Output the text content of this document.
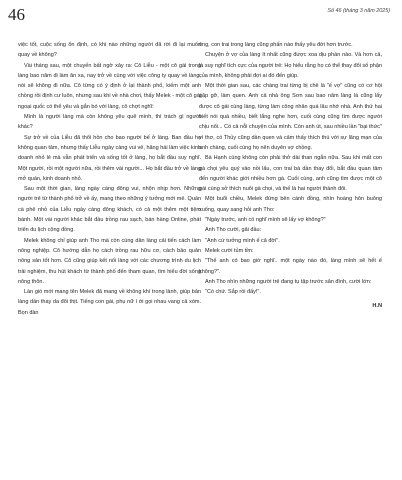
46	Số 46 (tháng 3 năm 2025)

việc tốt, cuộc sống ổn định, có khi nào những người đã rời đi lại muốn quay về không?

Vài tháng sau, một chuyến bất ngờ xảy ra: Cô Liễu - một cô gái trong làng bao năm đi làm ăn xa, nay trở về cùng với việc công ty quay về làng, nói sẽ không đi nữa. Cô từng có ý định ở lại thành phố, kiếm một anh chồng rồi định cư luôn, nhưng sau khi về nhà chơi, thấy Melek - một cô gái ngoại quốc có thể yêu và gắn bó với làng, cô chợt nghĩ:

Mình là người làng mà còn không yêu quê mình, thì trách gì người khác?

Sự trở về của Liễu đã thổi hồn cho bao người bế ở làng. Ban đầu họ không quan tâm, nhưng thấy Liễu ngày càng vui vẻ, hăng hái làm việc kinh doanh nhỏ lẻ mà vẫn phát triển và sống tốt ở làng, họ bắt đầu suy nghĩ. Một người, rồi một người nữa, rồi thêm vài người... Họ bắt đầu trở về làng mở quán, kinh doanh nhỏ.

Sau một thời gian, làng ngày càng đông vui, nhộn nhịp hơn. Những người trẻ từ thành phố trở về ấy, mang theo những ý tưởng mới mẻ. Quán cà phê nhỏ của Liễu ngày càng đông khách, có cả một thêm một tiệm bánh. Một vài người khác bắt đầu trồng rau sạch, bán hàng Online, phát triển du lịch cộng đồng.

Melek không chỉ giúp anh Tho mà còn cùng dân làng cải tiến cách làm nông nghiệp. Cô hướng dẫn họ cách trồng rau hữu cơ, cách bảo quản nông sản tốt hơn. Cô cũng giúp kết nối làng với các chương trình du lịch trải nghiệm, thu hút khách từ thành phố đến tham quan, tìm hiểu đời sống nông thôn.

Làn gió mới mang tên Melek đã mang về không khí trong lành, giúp bản làng dần thay da đổi thịt. Tiếng con gái, phụ nữ í ới gọi nhau vang cả xóm. Bọn đàn

ông, con trai trong làng cũng phấn nào thấy yêu đời hơn trước.

Chuyện ở vợ của làng ít nhất cũng được xoa dịu phần nào. Và hơn cả, là suy nghĩ tích cực của người trẻ: Họ hiểu rằng họ có thể thay đổi số phận của mình, không phải đợi ai đó đến giúp.

Một thời gian sau, các chàng trai từng bị chê là "ế vợ" cũng có cơ hội gặp gỡ, làm quen. Anh cả nhà ông Sơn sau bao năm làng là cũng lấy được cô gái cùng làng, từng làm công nhân quá lâu nhớ nhà. Anh thứ hai biết nói quá nhiều, biết lắng nghe hơn, cuối cùng cũng tìm được người chịu nổi... Có cả nỗi chuyện của mình. Còn anh út, sau nhiều lần "bại thức" vì thơ, có Thủy cũng dần quen và cảm thấy thích thú với sự lãng mạn của anh chàng, cuối cùng họ nên duyên vợ chồng.

Bà Hạnh cùng không còn phải thở dài than ngắn nữa. Sau khi mất con gà chọi yêu quý vào nồi lẩu, con trai bà dần thay đổi, bắt đầu quan tâm đến người khác giới nhiều hơn gà. Cuối cùng, anh cũng tìm được một cô gái cùng sở thích nuôi gà chọi, và thế là hai người thành đôi.

Một buổi chiều, Melek đứng bên cánh đồng, nhìn hoàng hôn buông xuống, quay sang hỏi anh Tho:

"Ngày trước, anh có nghĩ mình sẽ lấy vợ không?"

Anh Tho cười, gãi đầu:

"Anh cứ tưởng mình ế cả đời".

Melek cười tủm tỉm:

"Thế anh có bao giờ nghĩ.. một ngày nào đó, làng mình sẽ hết ế không?".

Anh Tho nhìn những người trẻ đang tụ tập trước sân đình, cười lớn:

"Có chứ. Sắp rồi đấy!".

H.N
